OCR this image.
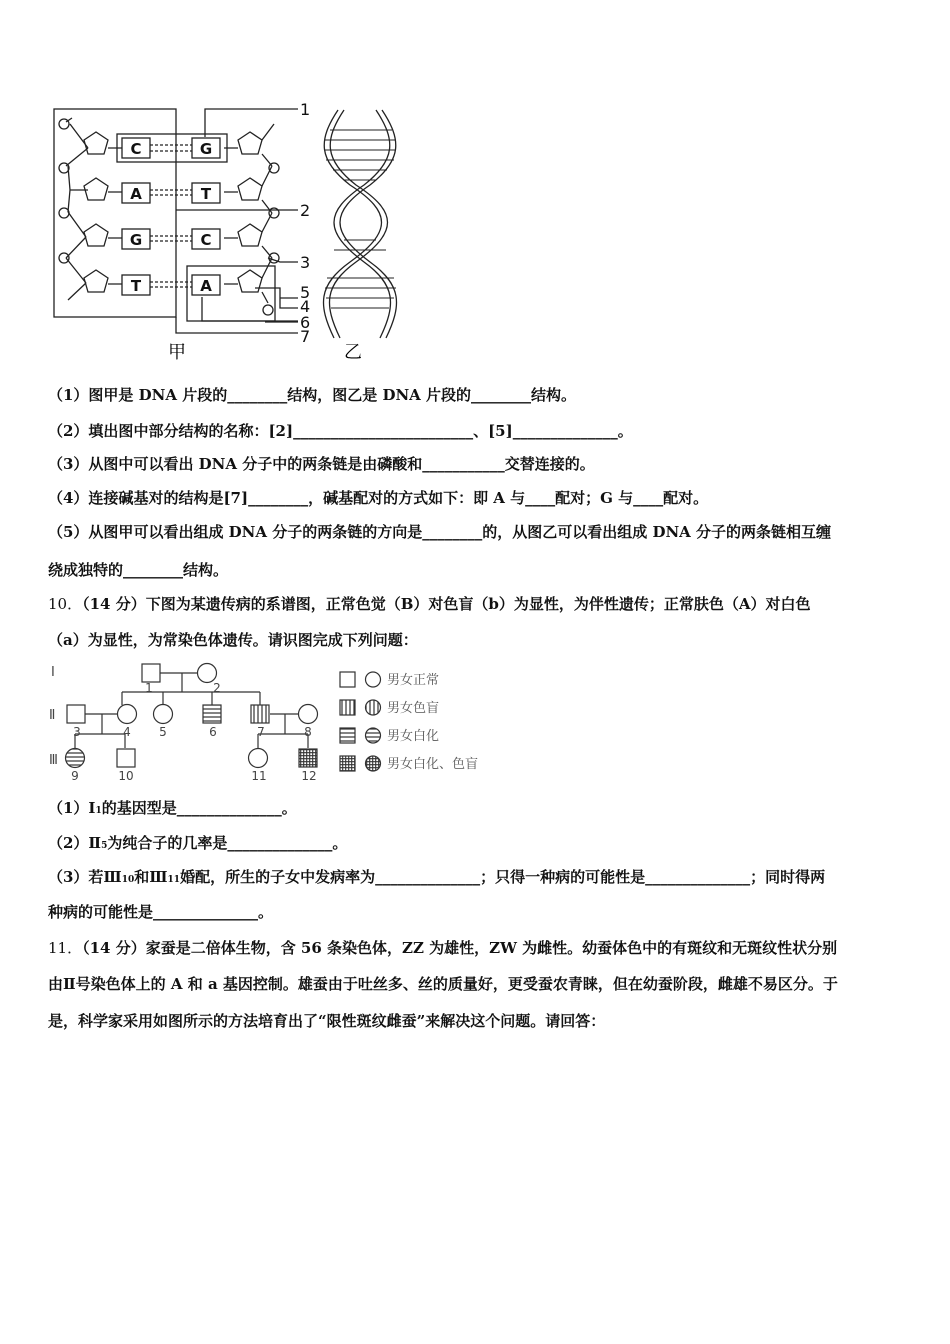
C
A
G
T
G
T
C
A
1
2
3
5
4
6
7
甲	乙
（1）图甲是 DNA 片段的________结构，图乙是 DNA 片段的________结构。
（2）填出图中部分结构的名称：[2]________________________、[5]______________。
（3）从图中可以看出 DNA 分子中的两条链是由磷酸和___________交替连接的。
（4）连接碱基对的结构是[7]________，碱基配对的方式如下：即 A 与____配对；G 与____配对。
（5）从图甲可以看出组成 DNA 分子的两条链的方向是________的，从图乙可以看出组成 DNA 分子的两条链相互缠
绕成独特的________结构。
10．（14 分）下图为某遗传病的系谱图，正常色觉（B）对色盲（b）为显性，为伴性遗传；正常肤色（A）对白色
（a）为显性，为常染色体遗传。请识图完成下列问题：
Ⅰ
Ⅱ
Ⅲ
1	2
3	4 5	6	7	8
9	10	11	12
男女正常
男女色盲
男女白化
男女白化、色盲
（1）Ⅰ1的基因型是______________。
（2）Ⅱ5为纯合子的几率是______________。
（3）若Ⅲ10和Ⅲ11婚配，所生的子女中发病率为______________；只得一种病的可能性是______________；同时得两
种病的可能性是______________。
11．（14 分）家蚕是二倍体生物，含 56 条染色体，ZZ 为雄性，ZW 为雌性。幼蚕体色中的有斑纹和无斑纹性状分别
由Ⅱ号染色体上的 A 和 a 基因控制。雄蚕由于吐丝多、丝的质量好，更受蚕农青睐，但在幼蚕阶段，雌雄不易区分。于
是，科学家采用如图所示的方法培育出了“限性斑纹雌蚕”来解决这个问题。请回答：
